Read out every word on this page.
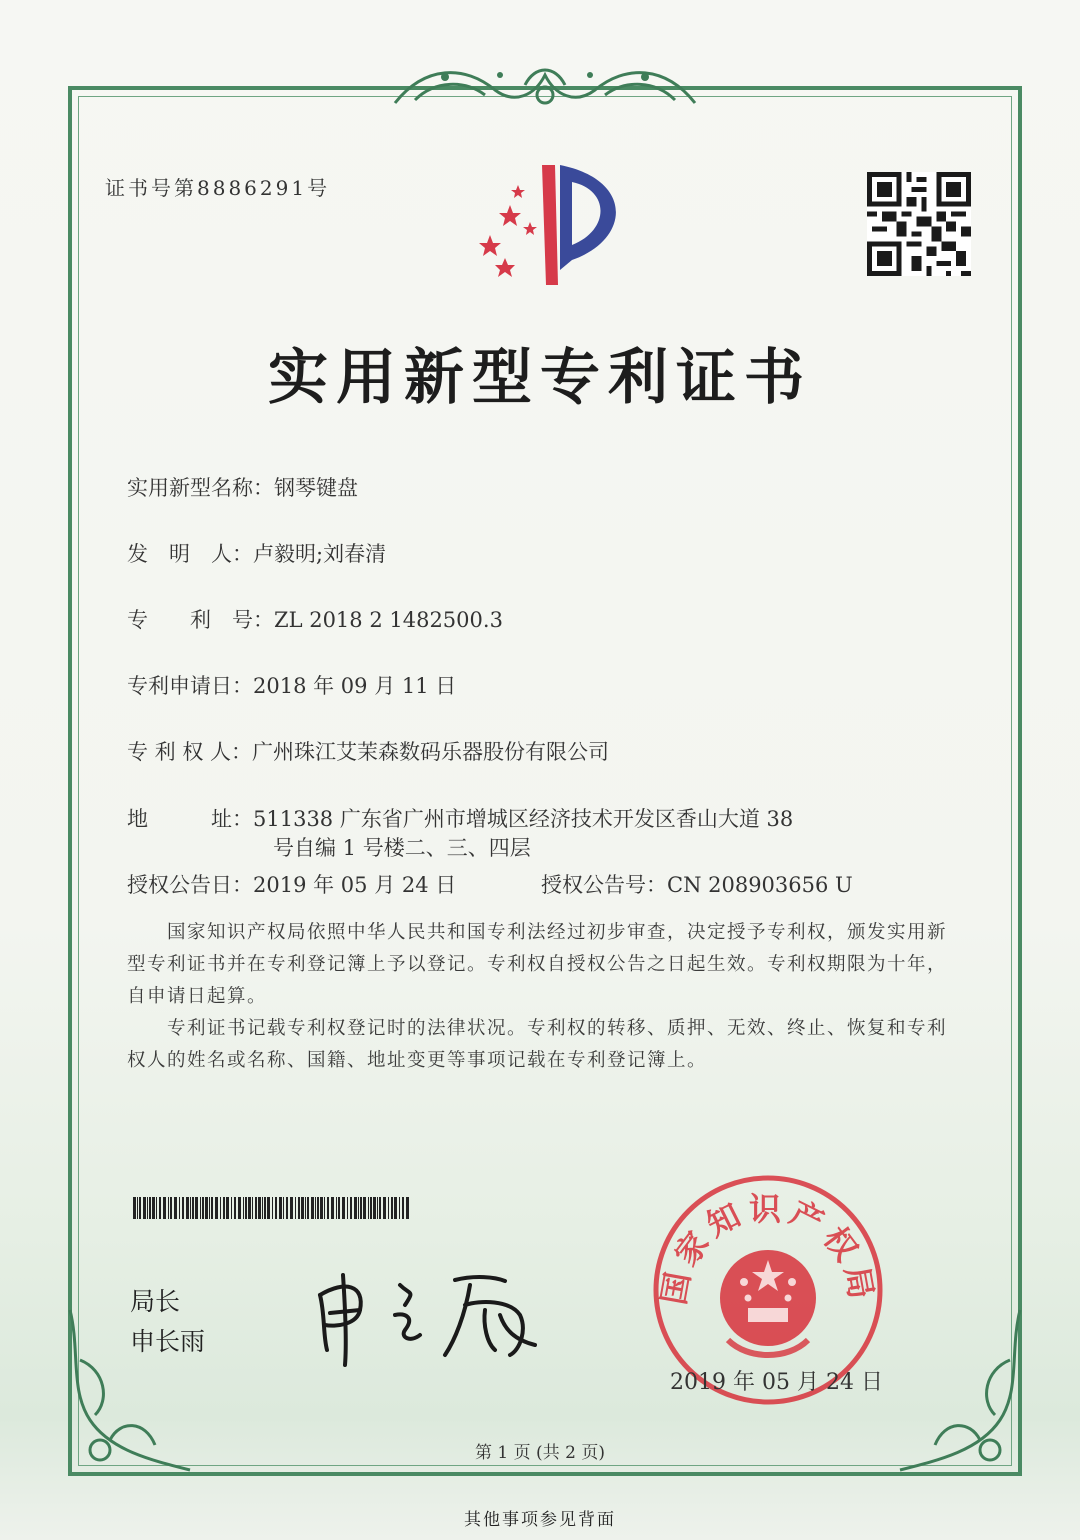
证书号第8886291号
实用新型专利证书
实用新型名称：钢琴键盘
发　明　人：卢毅明;刘春清
专　　利　号：ZL 2018 2 1482500.3
专利申请日：2018 年 09 月 11 日
专 利 权 人：广州珠江艾茉森数码乐器股份有限公司
地　　　址：511338 广东省广州市增城区经济技术开发区香山大道 38
号自编 1 号楼二、三、四层
授权公告日：2019 年 05 月 24 日	授权公告号：CN 208903656 U
国家知识产权局依照中华人民共和国专利法经过初步审查，决定授予专利权，颁发实用新型专利证书并在专利登记簿上予以登记。专利权自授权公告之日起生效。专利权期限为十年，自申请日起算。
专利证书记载专利权登记时的法律状况。专利权的转移、质押、无效、终止、恢复和专利权人的姓名或名称、国籍、地址变更等事项记载在专利登记簿上。
局长
申长雨
国家知识产权局
2019 年 05 月 24 日
第 1 页 (共 2 页)
其他事项参见背面
